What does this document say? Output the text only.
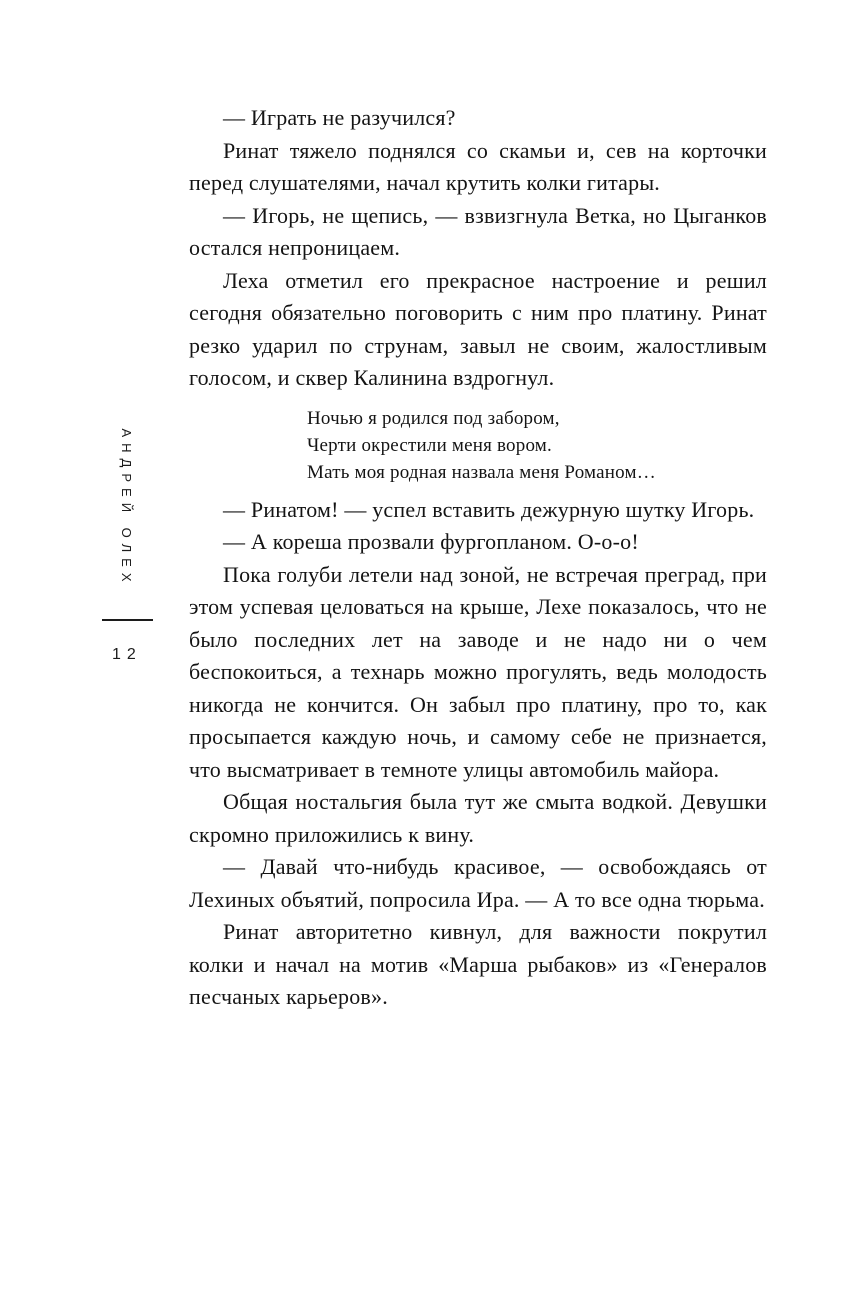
АНДРЕЙ ОЛЕХ
12

— Играть не разучился?

Ринат тяжело поднялся со скамьи и, сев на корточки перед слушателями, начал крутить колки гитары.

— Игорь, не щепись, — взвизгнула Ветка, но Цыганков остался непроницаем.

Леха отметил его прекрасное настроение и решил сегодня обязательно поговорить с ним про платину. Ринат резко ударил по струнам, завыл не своим, жалостливым голосом, и сквер Калинина вздрогнул.

Ночью я родился под забором,
Черти окрестили меня вором.
Мать моя родная назвала меня Романом…

— Ринатом! — успел вставить дежурную шутку Игорь.

— А кореша прозвали фургопланом. О-о-о!

Пока голуби летели над зоной, не встречая преград, при этом успевая целоваться на крыше, Лехе показалось, что не было последних лет на заводе и не надо ни о чем беспокоиться, а технарь можно прогулять, ведь молодость никогда не кончится. Он забыл про платину, про то, как просыпается каждую ночь, и самому себе не признается, что высматривает в темноте улицы автомобиль майора.

Общая ностальгия была тут же смыта водкой. Девушки скромно приложились к вину.

— Давай что-нибудь красивое, — освобождаясь от Лехиных объятий, попросила Ира. — А то все одна тюрьма.

Ринат авторитетно кивнул, для важности покрутил колки и начал на мотив «Марша рыбаков» из «Генералов песчаных карьеров».
